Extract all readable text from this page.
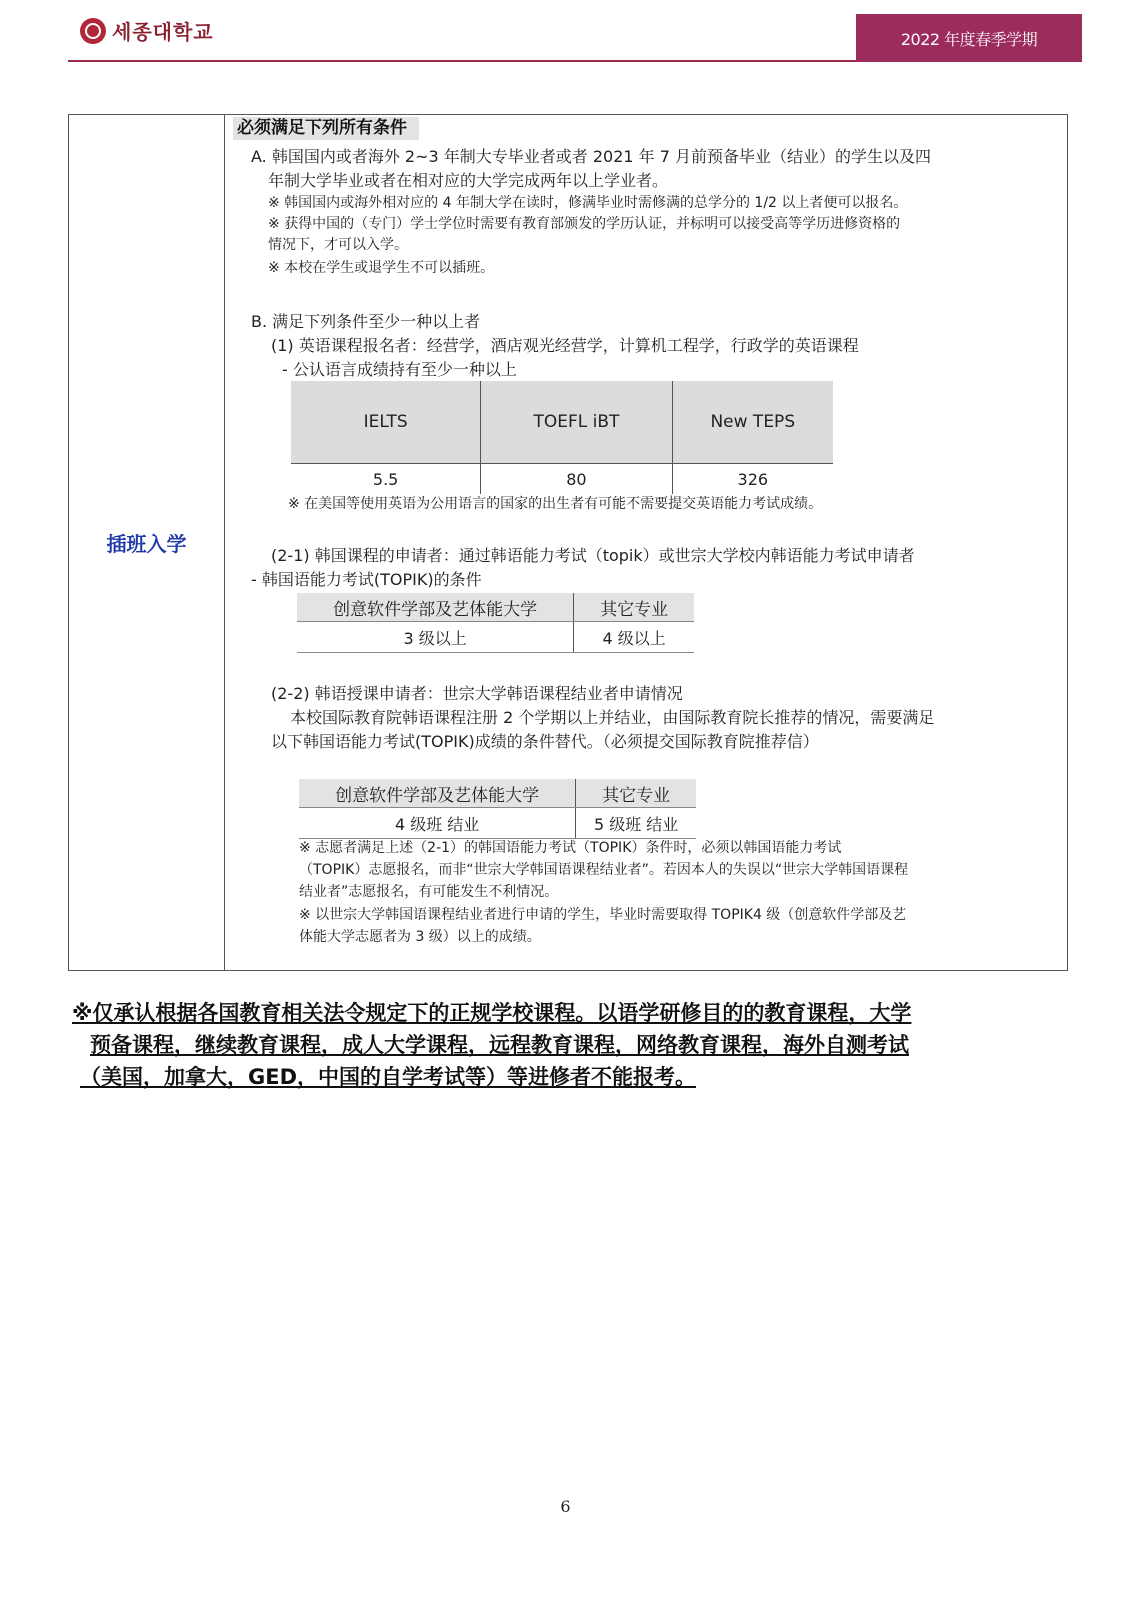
세종대학교	2022 年度春季学期
插班入学
必须满足下列所有条件
A. 韩国国内或者海外 2~3 年制大专毕业者或者 2021 年 7 月前预备毕业（结业）的学生以及四
年制大学毕业或者在相对应的大学完成两年以上学业者。
※ 韩国国内或海外相对应的 4 年制大学在读时，修满毕业时需修满的总学分的 1/2 以上者便可以报名。
※ 获得中国的（专门）学士学位时需要有教育部颁发的学历认证，并标明可以接受高等学历进修资格的
情况下，才可以入学。
※ 本校在学生或退学生不可以插班。
B. 满足下列条件至少一种以上者
(1) 英语课程报名者：经营学，酒店观光经营学，计算机工程学，行政学的英语课程
- 公认语言成绩持有至少一种以上
IELTS	TOEFL iBT	New TEPS
5.5	80	326
※ 在美国等使用英语为公用语言的国家的出生者有可能不需要提交英语能力考试成绩。
(2-1) 韩国课程的申请者：通过韩语能力考试（topik）或世宗大学校内韩语能力考试申请者
- 韩国语能力考试(TOPIK)的条件
创意软件学部及艺体能大学	其它专业
3 级以上	4 级以上
(2-2) 韩语授课申请者：世宗大学韩语课程结业者申请情况
本校国际教育院韩语课程注册 2 个学期以上并结业，由国际教育院长推荐的情况，需要满足
以下韩国语能力考试(TOPIK)成绩的条件替代。（必须提交国际教育院推荐信）
创意软件学部及艺体能大学	其它专业
4 级班 结业	5 级班 结业
※ 志愿者满足上述（2-1）的韩国语能力考试（TOPIK）条件时，必须以韩国语能力考试
（TOPIK）志愿报名，而非“世宗大学韩国语课程结业者”。若因本人的失误以“世宗大学韩国语课程
结业者”志愿报名，有可能发生不利情况。
※ 以世宗大学韩国语课程结业者进行申请的学生，毕业时需要取得 TOPIK4 级（创意软件学部及艺
体能大学志愿者为 3 级）以上的成绩。
※仅承认根据各国教育相关法令规定下的正规学校课程。以语学研修目的的教育课程，大学
预备课程，继续教育课程，成人大学课程，远程教育课程，网络教育课程，海外自测考试
（美国，加拿大，GED，中国的自学考试等）等进修者不能报考。
6
